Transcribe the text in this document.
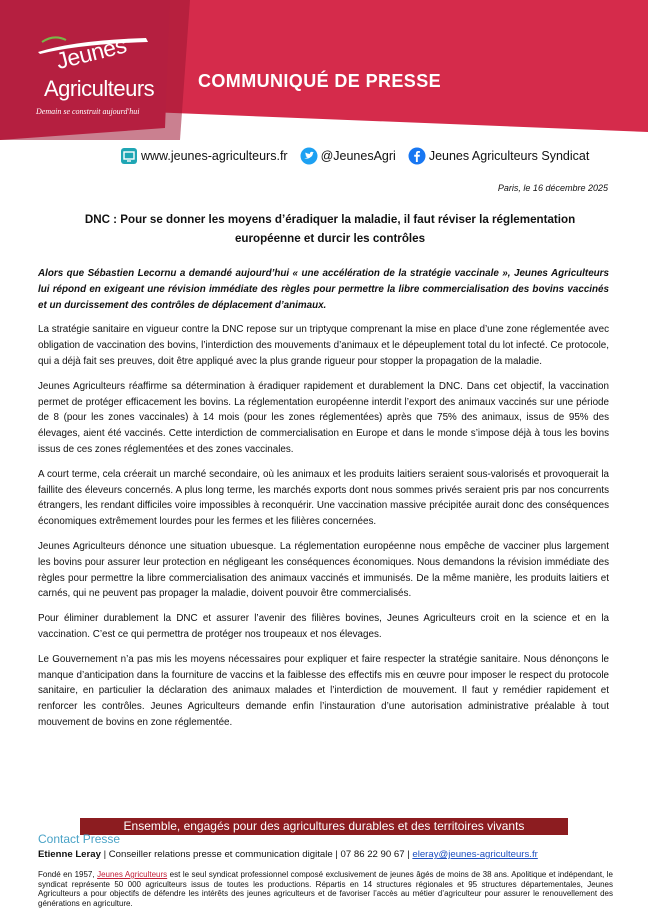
Jeunes
Agriculteurs
Demain se construit aujourd'hui
COMMUNIQUÉ DE PRESSE
www.jeunes-agriculteurs.fr	@JeunesAgri	Jeunes Agriculteurs Syndicat
Paris, le 16 décembre 2025
DNC : Pour se donner les moyens d’éradiquer la maladie, il faut réviser la réglementation européenne et durcir les contrôles

Alors que Sébastien Lecornu a demandé aujourd’hui « une accélération de la stratégie vaccinale », Jeunes Agriculteurs lui répond en exigeant une révision immédiate des règles pour permettre la libre commercialisation des bovins vaccinés et un durcissement des contrôles de déplacement d’animaux.

La stratégie sanitaire en vigueur contre la DNC repose sur un triptyque comprenant la mise en place d’une zone réglementée avec obligation de vaccination des bovins, l’interdiction des mouvements d’animaux et le dépeuplement total du lot infecté. Ce protocole, qui a déjà fait ses preuves, doit être appliqué avec la plus grande rigueur pour stopper la propagation de la maladie.

Jeunes Agriculteurs réaffirme sa détermination à éradiquer rapidement et durablement la DNC. Dans cet objectif, la vaccination permet de protéger efficacement les bovins. La réglementation européenne interdit l’export des animaux vaccinés sur une période de 8 (pour les zones vaccinales) à 14 mois (pour les zones réglementées) après que 75% des animaux, issus de 95% des élevages, aient été vaccinés. Cette interdiction de commercialisation en Europe et dans le monde s’impose déjà à tous les bovins issus de ces zones réglementées et des zones vaccinales.

A court terme, cela créerait un marché secondaire, où les animaux et les produits laitiers seraient sous-valorisés et provoquerait la faillite des éleveurs concernés. A plus long terme, les marchés exports dont nous sommes privés seraient pris par nos concurrents étrangers, les rendant difficiles voire impossibles à reconquérir. Une vaccination massive précipitée aurait donc des conséquences économiques extrêmement lourdes pour les fermes et les filières concernées.

Jeunes Agriculteurs dénonce une situation ubuesque. La réglementation européenne nous empêche de vacciner plus largement les bovins pour assurer leur protection en négligeant les conséquences économiques. Nous demandons la révision immédiate des règles pour permettre la libre commercialisation des animaux vaccinés et immunisés. De la même manière, les produits laitiers et carnés, qui ne peuvent pas propager la maladie, doivent pouvoir être commercialisés.

Pour éliminer durablement la DNC et assurer l’avenir des filières bovines, Jeunes Agriculteurs croit en la science et en la vaccination. C’est ce qui permettra de protéger nos troupeaux et nos élevages.

Le Gouvernement n’a pas mis les moyens nécessaires pour expliquer et faire respecter la stratégie sanitaire. Nous dénonçons le manque d’anticipation dans la fourniture de vaccins et la faiblesse des effectifs mis en œuvre pour imposer le respect du protocole sanitaire, en particulier la déclaration des animaux malades et l’interdiction de mouvement. Il faut y remédier rapidement et renforcer les contrôles. Jeunes Agriculteurs demande enfin l’instauration d’une autorisation administrative préalable à tout mouvement de bovins en zone réglementée.

Ensemble, engagés pour des agricultures durables et des territoires vivants
Contact Presse
Etienne Leray | Conseiller relations presse et communication digitale | 07 86 22 90 67 | eleray@jeunes-agriculteurs.fr
Fondé en 1957, Jeunes Agriculteurs est le seul syndicat professionnel composé exclusivement de jeunes âgés de moins de 38 ans. Apolitique et indépendant, le syndicat représente 50 000 agriculteurs issus de toutes les productions. Répartis en 14 structures régionales et 95 structures départementales, Jeunes Agriculteurs a pour objectifs de défendre les intérêts des jeunes agriculteurs et de favoriser l’accès au métier d’agriculteur pour assurer le renouvellement des générations en agriculture.
